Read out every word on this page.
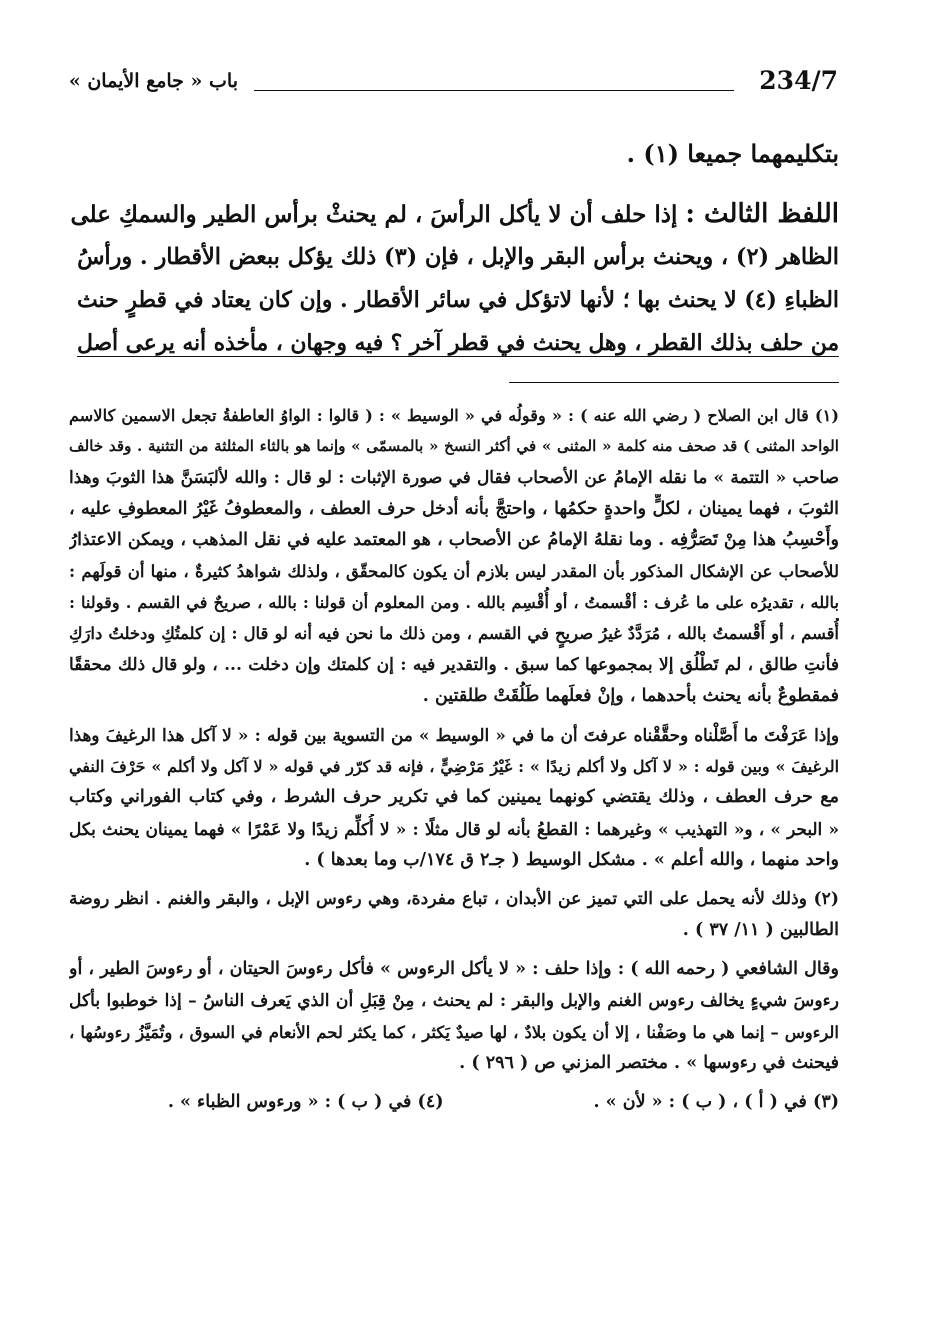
234/7
باب « جامع الأيمان »
بتكليمهما جميعا (١) .
اللفظ الثالث : إذا حلف أن لا يأكل الرأسَ ، لم يحنثْ برأس الطير والسمكِ على
الظاهر (٢) ، ويحنث برأس البقر والإبل ، فإن (٣) ذلك يؤكل ببعض الأقطار . ورأسُ
الظباءِ (٤) لا يحنث بها ؛ لأنها لاتؤكل في سائر الأقطار . وإن كان يعتاد في قطرٍ حنث
من حلف بذلك القطر ، وهل يحنث في قطر آخر ؟ فيه وجهان ، مأخذه أنه يرعى أصل
(١) قال ابن الصلاح ( رضي الله عنه ) : « وقولُه في « الوسيط » : ( قالوا : الواوُ العاطفةُ تجعل الاسمين كالاسم
الواحد المثنى ) قد صحف منه كلمة « المثنى » في أكثر النسخ « بالمسمّى » وإنما هو بالثاء المثلثة من التثنية . وقد خالف
صاحب « التتمة » ما نقله الإمامُ عن الأصحاب فقال في صورة الإثبات : لو قال : والله لألبَسَنَّ هذا الثوبَ وهذا
الثوبَ ، فهما يمينان ، لكلٍّ واحدةٍ حكمُها ، واحتجَّ بأنه أدخل حرف العطف ، والمعطوفُ غَيْرُ المعطوفِ عليه ،
وأَحْسِبُ هذا مِنْ تَصَرُّفِه . وما نقلهُ الإمامُ عن الأصحاب ، هو المعتمد عليه في نقل المذهب ، ويمكن الاعتذارُ
للأصحاب عن الإشكال المذكور بأن المقدر ليس بلازم أن يكون كالمحقّق ، ولذلك شواهدُ كثيرةٌ ، منها أن قولَهم :
بالله ، تقديرُه على ما عُرف : أقْسمتُ ، أو أُقْسِم بالله . ومن المعلوم أن قولنا : بالله ، صريحٌ في القسم . وقولنا :
أُقسم ، أو أَقْسمتُ بالله ، مُرَدَّدٌ غيرُ صريحٍ في القسم ، ومن ذلك ما نحن فيه أنه لو قال : إن كلمتُكِ ودخلتُ دارَكِ
فأنتِ طالق ، لم تَطْلُق إلا بمجموعها كما سبق . والتقدير فيه : إن كلمتك وإن دخلت ... ، ولو قال ذلك محققًا
فمقطوعٌ بأنه يحنث بأحدهما ، وإنْ فعلَهما طَلُقَتْ طلقتين .
وإذا عَرَفْتَ ما أَصَّلْناه وحقَّقْناه عرفتَ أن ما في « الوسيط » من التسوية بين قوله : « لا آكل هذا الرغيفَ وهذا
الرغيفَ » وبين قوله : « لا آكل ولا أكلم زيدًا » : غَيْرُ مَرْضِيٍّ ، فإنه قد كرّر في قوله « لا آكل ولا أكلم » حَرْفَ النفي
مع حرف العطف ، وذلك يقتضي كونهما يمينين كما في تكرير حرف الشرط ، وفي كتاب الفوراني وكتاب
« البحر » ، و« التهذيب » وغيرهما : القطعُ بأنه لو قال مثلًا : « لا أُكلِّم زيدًا ولا عَمْرًا » فهما يمينان يحنث بكل
واحد منهما ، والله أعلم » . مشكل الوسيط ( جـ٢ ق ١٧٤/ب وما بعدها ) .
(٢) وذلك لأنه يحمل على التي تميز عن الأبدان ، تباع مفردة، وهي رءوس الإبل ، والبقر والغنم . انظر روضة
الطالبين ( ١١/ ٣٧ ) .
وقال الشافعي ( رحمه الله ) : وإذا حلف : « لا يأكل الرءوس » فأكل رءوسَ الحيتان ، أو رءوسَ الطير ، أو
رءوسَ شيءٍ يخالف رءوس الغنم والإبل والبقر : لم يحنث ، مِنْ قِبَلِ أن الذي يَعرف الناسُ – إذا خوطبوا بأكل
الرءوس – إنما هي ما وصَفْنا ، إلا أن يكون بلادٌ ، لها صيدٌ يَكثر ، كما يكثر لحم الأنعام في السوق ، وتُمَيَّزُ رءوسُها ،
فيحنث في رءوسها » . مختصر المزني ص ( ٢٩٦ ) .
(٣) في ( أ ) ، ( ب ) : « لأن » .
(٤) في ( ب ) : « ورءوس الظباء » .
